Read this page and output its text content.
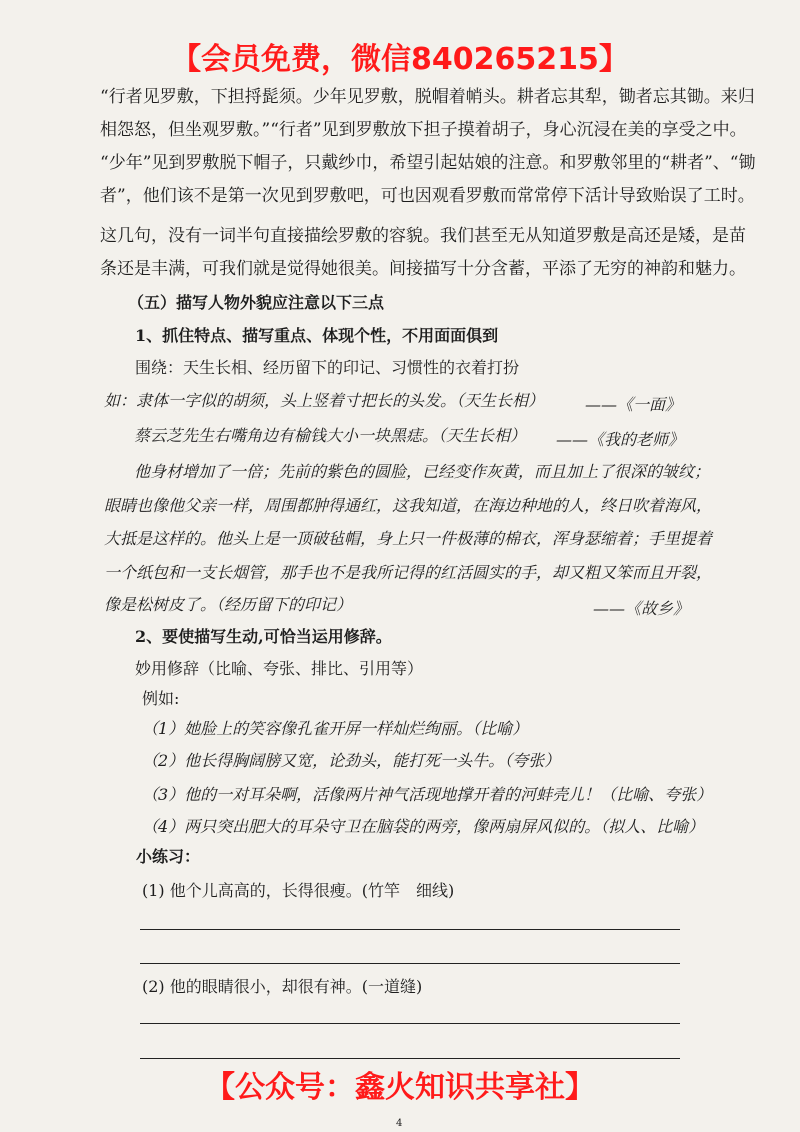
【会员免费，微信840265215】
“行者见罗敷，下担捋髭须。少年见罗敷，脱帽着帩头。耕者忘其犁，锄者忘其锄。来归
相怨怒，但坐观罗敷。”“行者”见到罗敷放下担子摸着胡子，身心沉浸在美的享受之中。
“少年”见到罗敷脱下帽子，只戴纱巾，希望引起姑娘的注意。和罗敷邻里的“耕者”、“锄
者”，他们该不是第一次见到罗敷吧，可也因观看罗敷而常常停下活计导致贻误了工时。
这几句，没有一词半句直接描绘罗敷的容貌。我们甚至无从知道罗敷是高还是矮，是苗
条还是丰满，可我们就是觉得她很美。间接描写十分含蓄，平添了无穷的神韵和魅力。
（五）描写人物外貌应注意以下三点
1、抓住特点、描写重点、体现个性，不用面面俱到
围绕：天生长相、经历留下的印记、习惯性的衣着打扮
如：隶体一字似的胡须，头上竖着寸把长的头发。（天生长相）	——《一面》
蔡云芝先生右嘴角边有榆钱大小一块黑痣。（天生长相） ——《我的老师》
他身材增加了一倍；先前的紫色的圆脸，已经变作灰黄，而且加上了很深的皱纹；
眼睛也像他父亲一样，周围都肿得通红，这我知道，在海边种地的人，终日吹着海风，
大抵是这样的。他头上是一顶破毡帽，身上只一件极薄的棉衣，浑身瑟缩着；手里提着
一个纸包和一支长烟管，那手也不是我所记得的红活圆实的手，却又粗又笨而且开裂，
像是松树皮了。（经历留下的印记）	——《故乡》
2、要使描写生动,可恰当运用修辞。
妙用修辞（比喻、夸张、排比、引用等）
例如:
（1）她脸上的笑容像孔雀开屏一样灿烂绚丽。（比喻）
（2）他长得胸阔膀又宽，论劲头，能打死一头牛。（夸张）
（3）他的一对耳朵啊，活像两片神气活现地撑开着的河蚌壳儿！（比喻、夸张）
（4）两只突出肥大的耳朵守卫在脑袋的两旁，像两扇屏风似的。（拟人、比喻）
小练习：
(1) 他个儿高高的，长得很瘦。(竹竿　细线)
(2) 他的眼睛很小，却很有神。(一道缝)
【公众号：鑫火知识共享社】
4
